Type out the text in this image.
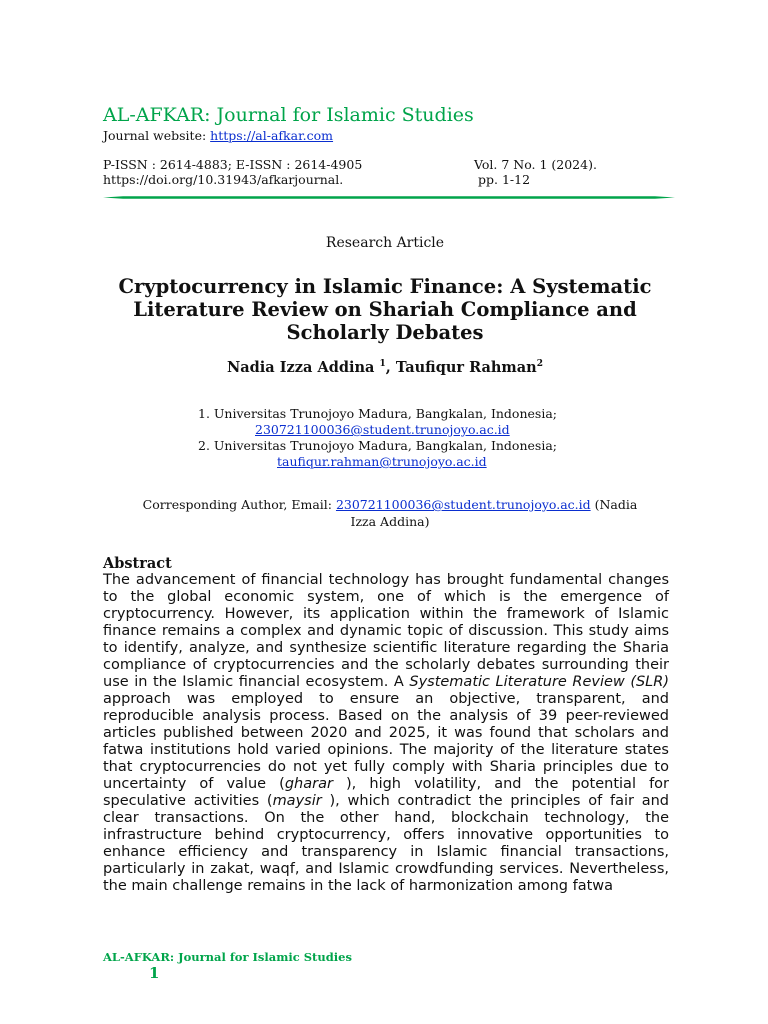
AL-AFKAR: Journal for Islamic Studies
Journal website: https://al-afkar.com
P-ISSN : 2614-4883; E-ISSN : 2614-4905
https://doi.org/10.31943/afkarjournal.
Vol. 7 No. 1 (2024).
pp. 1-12
Research Article
Cryptocurrency in Islamic Finance: A Systematic Literature Review on Shariah Compliance and Scholarly Debates
Nadia Izza Addina $^1$, Taufiqur Rahman$^2$
1. Universitas Trunojoyo Madura, Bangkalan, Indonesia;
230721100036@student.trunojoyo.ac.id
2. Universitas Trunojoyo Madura, Bangkalan, Indonesia;
taufiqur.rahman@trunojoyo.ac.id
Corresponding Author, Email: 230721100036@student.trunojoyo.ac.id (Nadia Izza Addina)
Abstract

The advancement of financial technology has brought fundamental changes to the global economic system, one of which is the emergence of cryptocurrency. However, its application within the framework of Islamic finance remains a complex and dynamic topic of discussion. This study aims to identify, analyze, and synthesize scientific literature regarding the Sharia compliance of cryptocurrencies and the scholarly debates surrounding their use in the Islamic financial ecosystem. A Systematic Literature Review (SLR) approach was employed to ensure an objective, transparent, and reproducible analysis process. Based on the analysis of 39 peer-reviewed articles published between 2020 and 2025, it was found that scholars and fatwa institutions hold varied opinions. The majority of the literature states that cryptocurrencies do not yet fully comply with Sharia principles due to uncertainty of value (gharar ), high volatility, and the potential for speculative activities (maysir ), which contradict the principles of fair and clear transactions. On the other hand, blockchain technology, the infrastructure behind cryptocurrency, offers innovative opportunities to enhance efficiency and transparency in Islamic financial transactions, particularly in zakat, waqf, and Islamic crowdfunding services. Nevertheless, the main challenge remains in the lack of harmonization among fatwa

AL-AFKAR: Journal for Islamic Studies
1
